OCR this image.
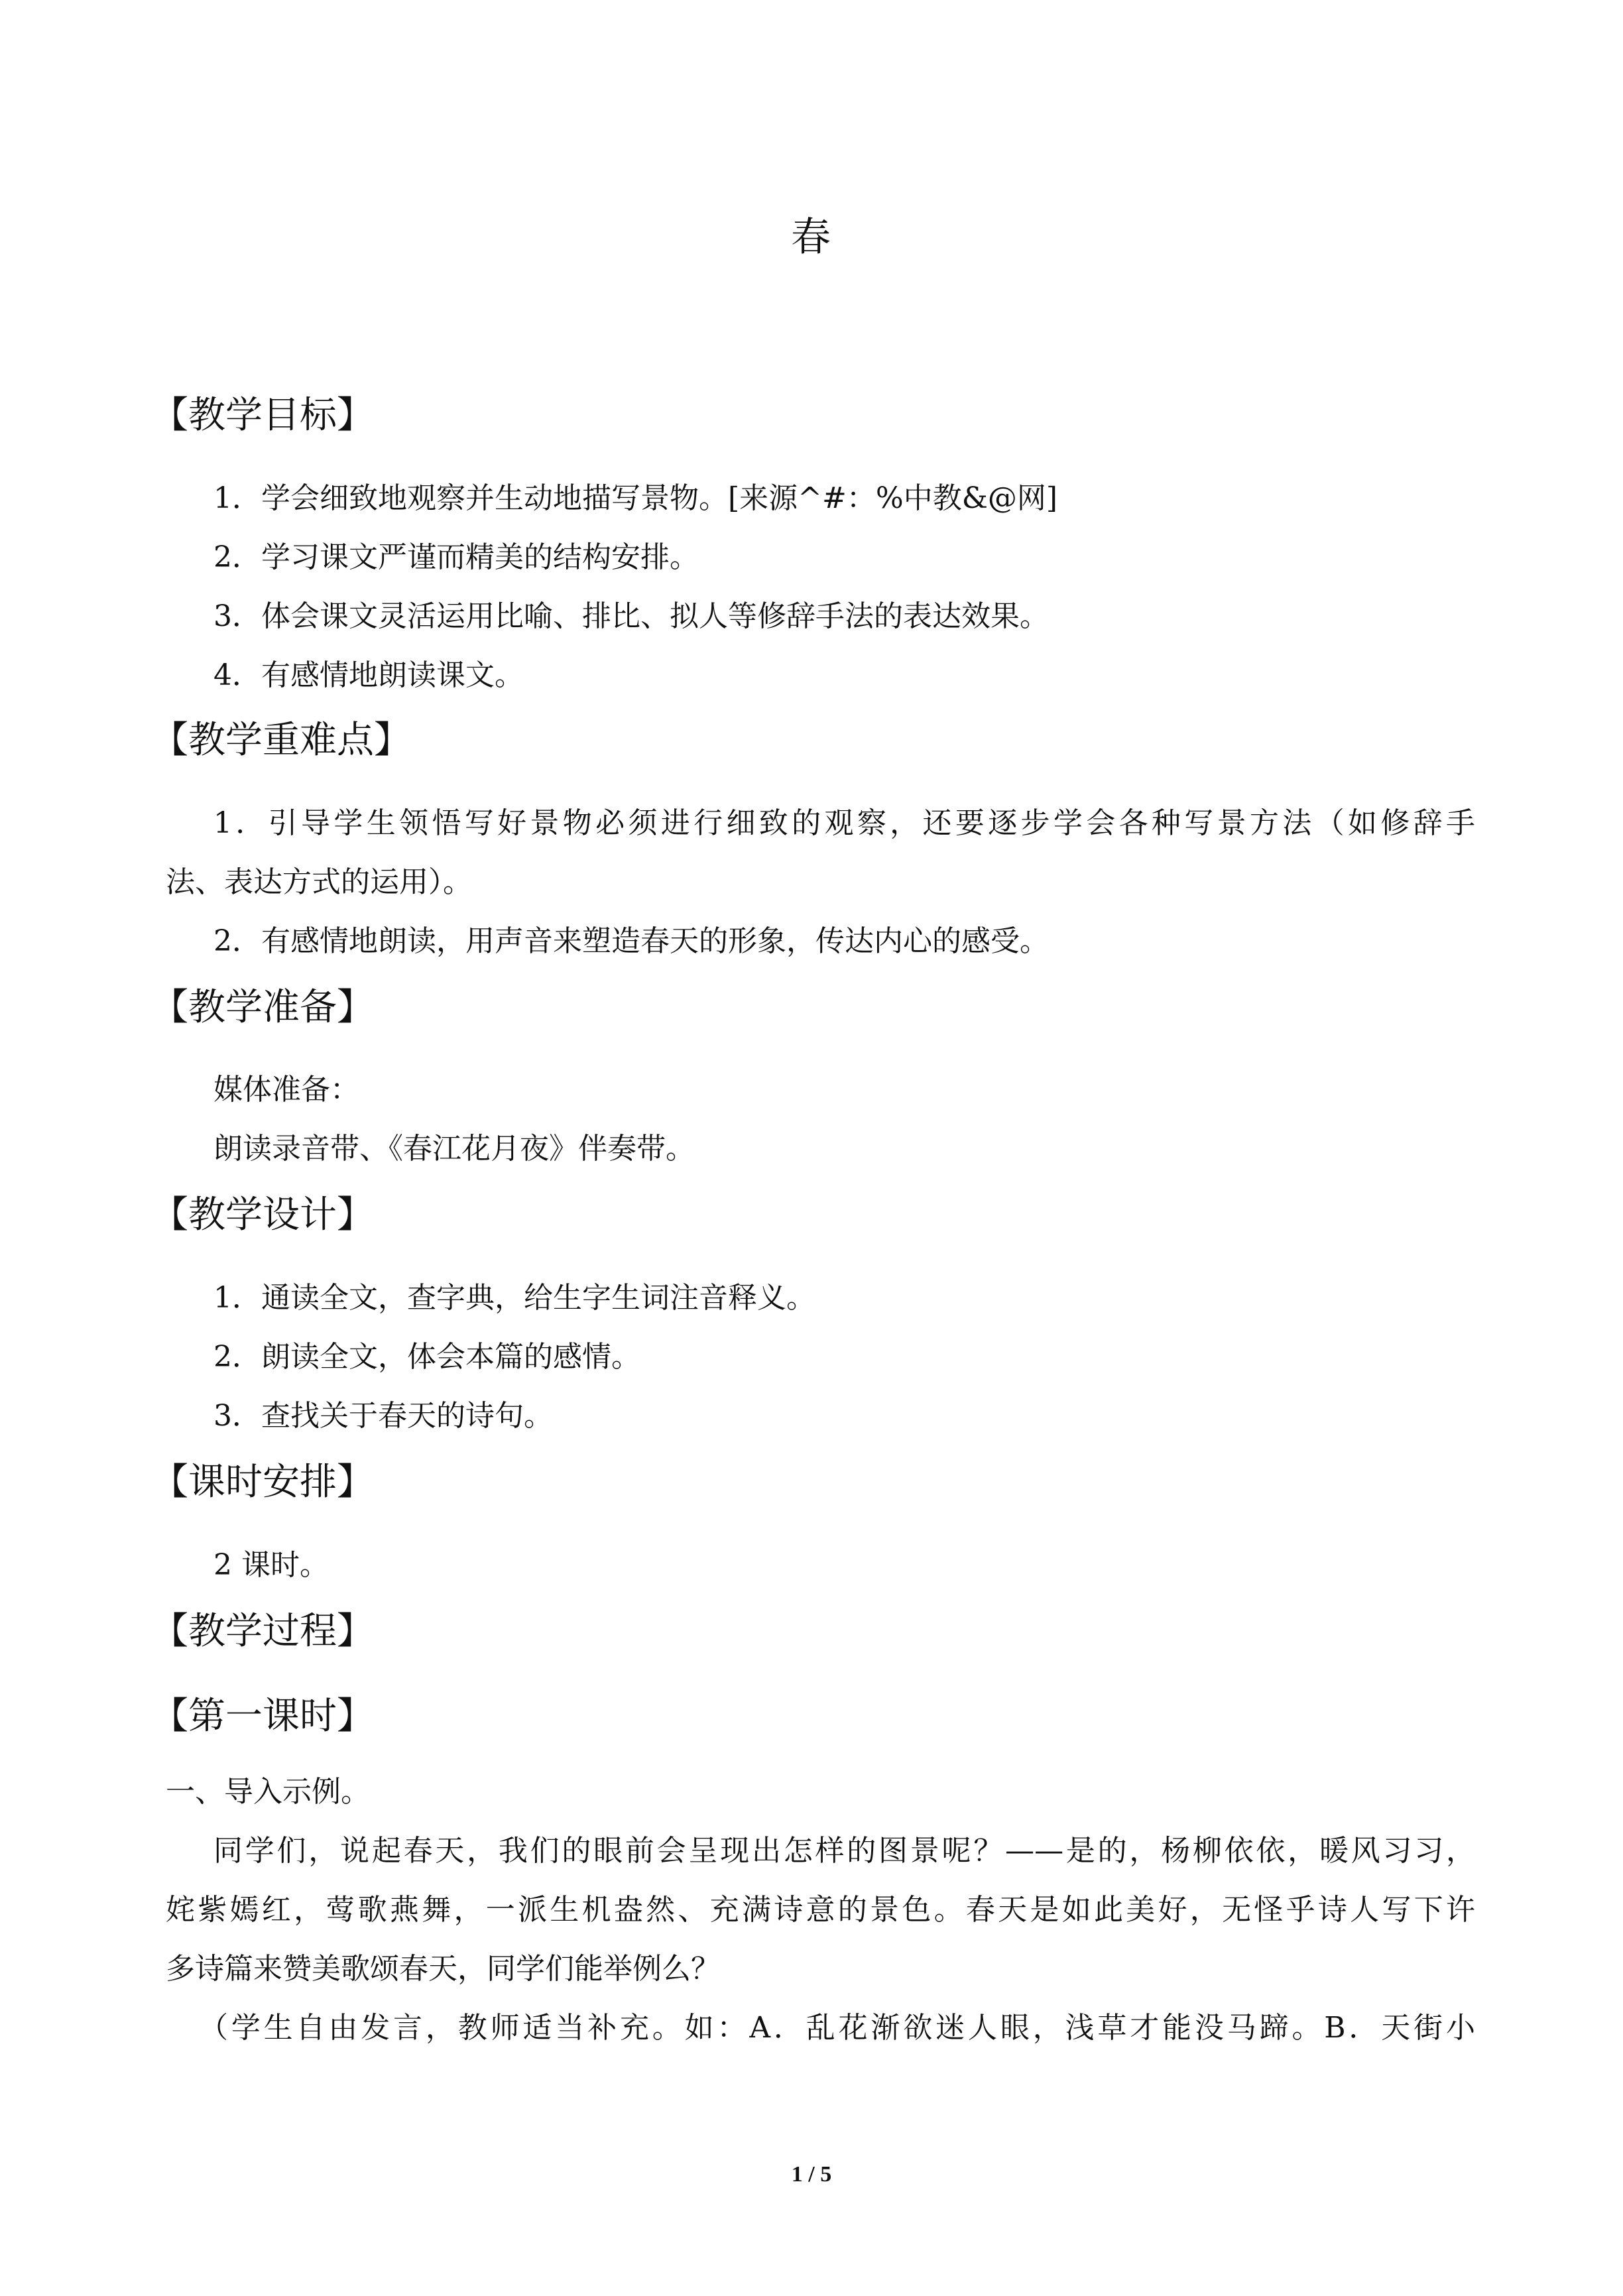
春
【教学目标】
1．学会细致地观察并生动地描写景物。[来源^#：%中教&@网]
2．学习课文严谨而精美的结构安排。
3．体会课文灵活运用比喻、排比、拟人等修辞手法的表达效果。
4．有感情地朗读课文。
【教学重难点】
1．引导学生领悟写好景物必须进行细致的观察，还要逐步学会各种写景方法（如修辞手
法、表达方式的运用）。
2．有感情地朗读，用声音来塑造春天的形象，传达内心的感受。
【教学准备】
媒体准备：
朗读录音带、《春江花月夜》伴奏带。
【教学设计】
1．通读全文，查字典，给生字生词注音释义。
2．朗读全文，体会本篇的感情。
3．查找关于春天的诗句。
【课时安排】
2 课时。
【教学过程】
【第一课时】
一、导入示例。
同学们，说起春天，我们的眼前会呈现出怎样的图景呢？——是的，杨柳依依，暖风习习，
姹紫嫣红，莺歌燕舞，一派生机盎然、充满诗意的景色。春天是如此美好，无怪乎诗人写下许
多诗篇来赞美歌颂春天，同学们能举例么？
（学生自由发言，教师适当补充。如：A．乱花渐欲迷人眼，浅草才能没马蹄。B．天街小
1 / 5
